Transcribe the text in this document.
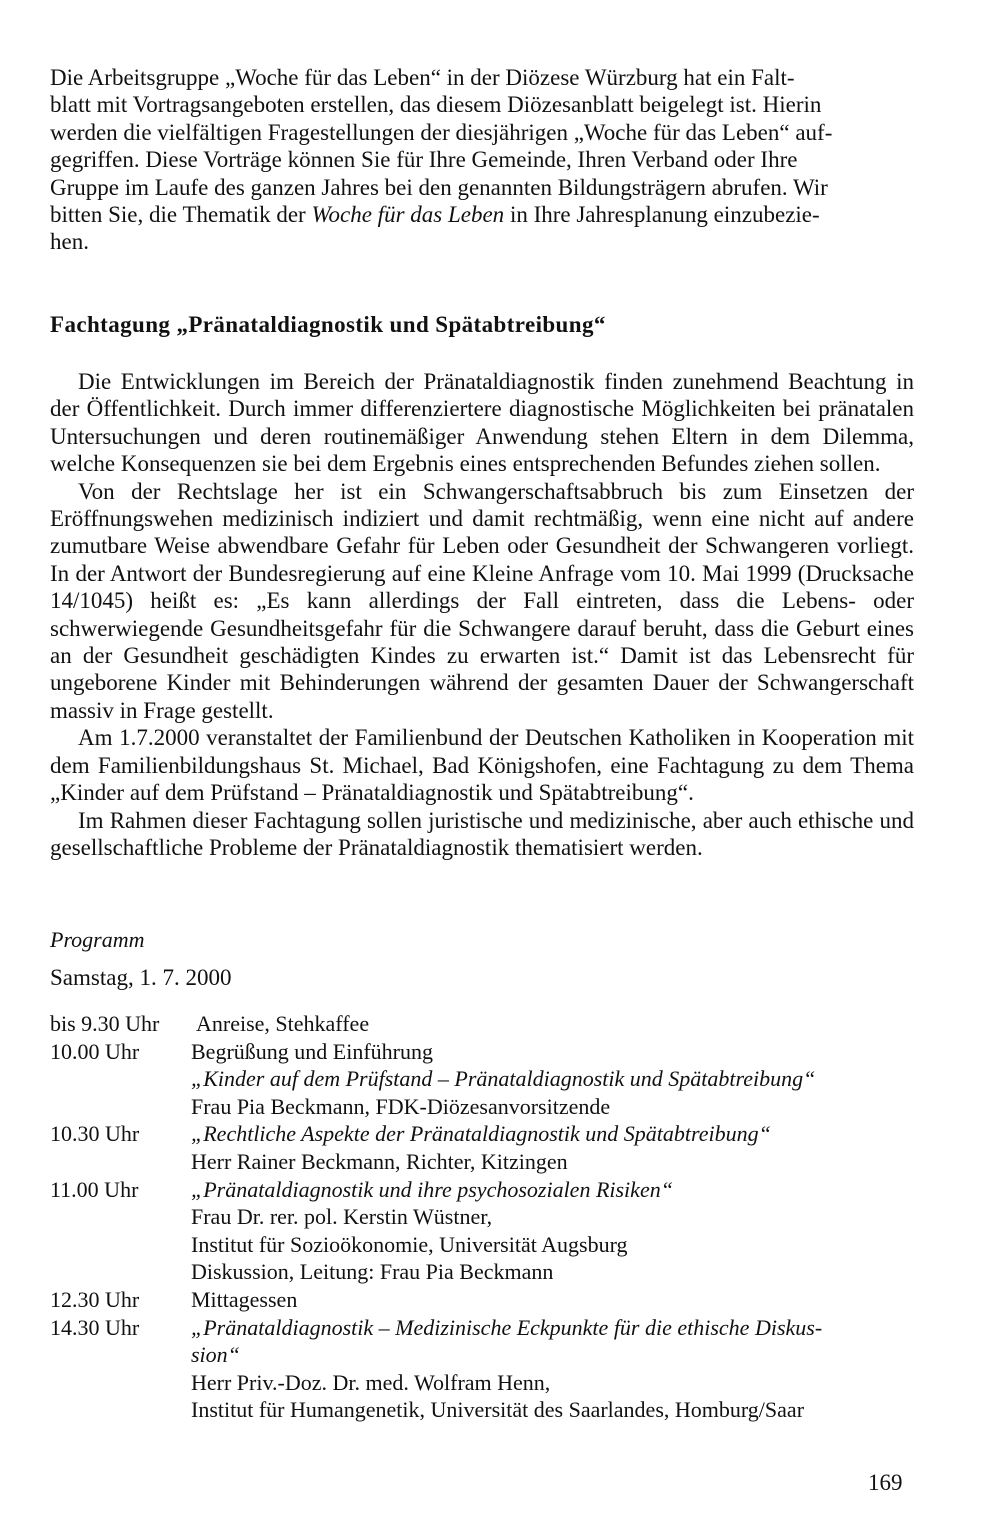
Die Arbeitsgruppe „Woche für das Leben“ in der Diözese Würzburg hat ein Falt-
blatt mit Vortragsangeboten erstellen, das diesem Diözesanblatt beigelegt ist. Hierin
werden die vielfältigen Fragestellungen der diesjährigen „Woche für das Leben“ auf-
gegriffen. Diese Vorträge können Sie für Ihre Gemeinde, Ihren Verband oder Ihre
Gruppe im Laufe des ganzen Jahres bei den genannten Bildungsträgern abrufen. Wir
bitten Sie, die Thematik der Woche für das Leben in Ihre Jahresplanung einzubezie-
hen.
Fachtagung „Pränataldiagnostik und Spätabtreibung“

Die Entwicklungen im Bereich der Pränataldiagnostik finden zunehmend Beachtung in der Öffentlichkeit. Durch immer differenziertere diagnostische Möglichkeiten bei pränatalen Untersuchungen und deren routinemäßiger Anwendung stehen Eltern in dem Dilemma, welche Konsequenzen sie bei dem Ergebnis eines entsprechenden Befundes ziehen sollen.

Von der Rechtslage her ist ein Schwangerschaftsabbruch bis zum Einsetzen der Eröffnungswehen medizinisch indiziert und damit rechtmäßig, wenn eine nicht auf andere zumutbare Weise abwendbare Gefahr für Leben oder Gesundheit der Schwangeren vorliegt. In der Antwort der Bundesregierung auf eine Kleine Anfrage vom 10. Mai 1999 (Drucksache 14/1045) heißt es: „Es kann allerdings der Fall eintreten, dass die Lebens- oder schwerwiegende Gesundheitsgefahr für die Schwangere darauf beruht, dass die Geburt eines an der Gesundheit geschädigten Kindes zu erwarten ist.“ Damit ist das Lebensrecht für ungeborene Kinder mit Behinderungen während der gesamten Dauer der Schwangerschaft massiv in Frage gestellt.

Am 1.7.2000 veranstaltet der Familienbund der Deutschen Katholiken in Kooperation mit dem Familienbildungshaus St. Michael, Bad Königshofen, eine Fachtagung zu dem Thema „Kinder auf dem Prüfstand – Pränataldiagnostik und Spätabtreibung“.

Im Rahmen dieser Fachtagung sollen juristische und medizinische, aber auch ethische und gesellschaftliche Probleme der Pränataldiagnostik thematisiert werden.

Programm

Samstag, 1. 7. 2000

bis 9.30 Uhr	Anreise, Stehkaffee
10.00 Uhr	Begrüßung und Einführung
„Kinder auf dem Prüfstand – Pränataldiagnostik und Spätabtreibung“
Frau Pia Beckmann, FDK-Diözesanvorsitzende
10.30 Uhr	„Rechtliche Aspekte der Pränataldiagnostik und Spätabtreibung“
Herr Rainer Beckmann, Richter, Kitzingen
11.00 Uhr	„Pränataldiagnostik und ihre psychosozialen Risiken“
Frau Dr. rer. pol. Kerstin Wüstner,
Institut für Sozioökonomie, Universität Augsburg
Diskussion, Leitung: Frau Pia Beckmann
12.30 Uhr	Mittagessen
14.30 Uhr	„Pränataldiagnostik – Medizinische Eckpunkte für die ethische Diskus-
sion“
Herr Priv.-Doz. Dr. med. Wolfram Henn,
Institut für Humangenetik, Universität des Saarlandes, Homburg/Saar

169
